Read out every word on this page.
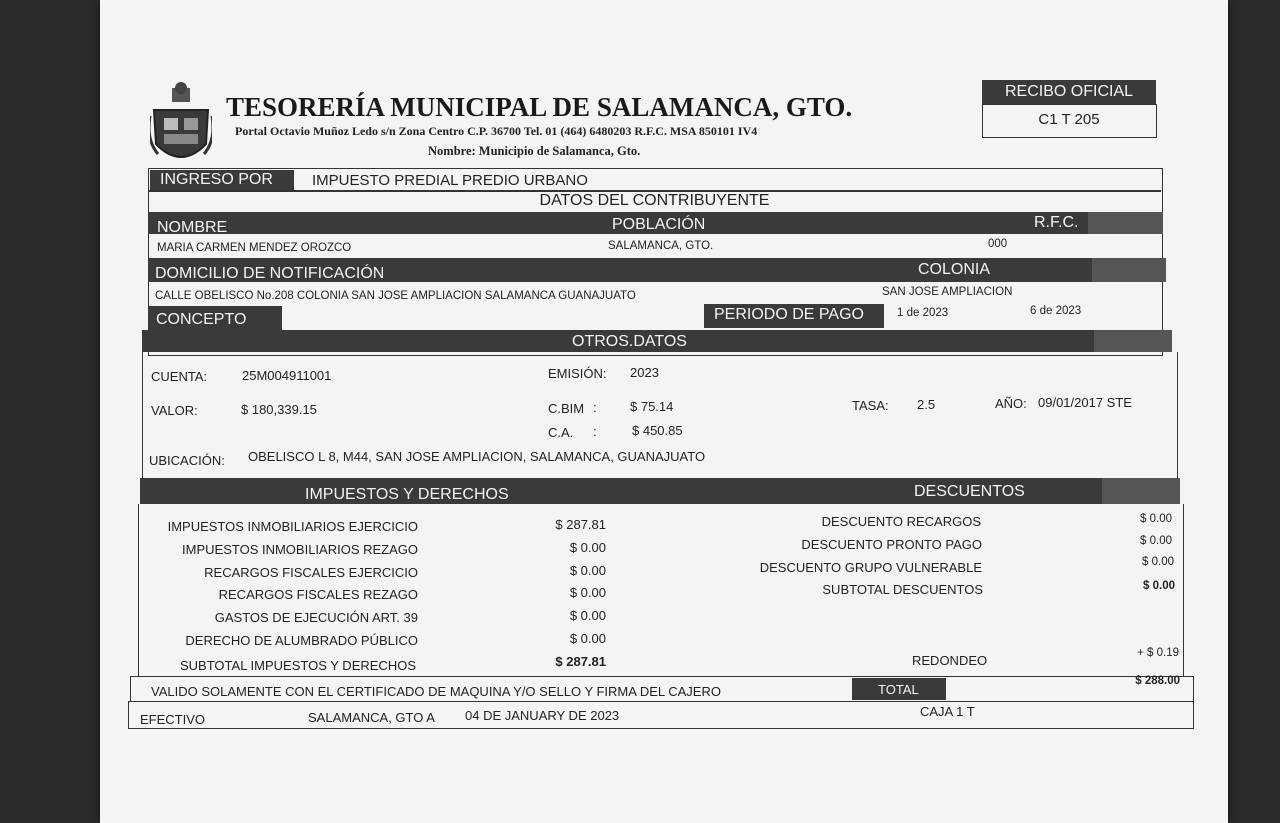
TESORERÍA MUNICIPAL DE SALAMANCA, GTO.
Portal Octavio Muñoz Ledo s/n Zona Centro C.P. 36700 Tel. 01 (464) 6480203 R.F.C. MSA 850101 IV4
Nombre: Municipio de Salamanca, Gto.
RECIBO OFICIAL
C1 T 205
INGRESO POR	IMPUESTO PREDIAL PREDIO URBANO
DATOS DEL CONTRIBUYENTE
NOMBRE	POBLACIÓN	R.F.C.
MARIA CARMEN MENDEZ OROZCO	SALAMANCA, GTO.	000
DOMICILIO DE NOTIFICACIÓN	COLONIA
CALLE OBELISCO No.208 COLONIA SAN JOSE AMPLIACION SALAMANCA GUANAJUATO	SAN JOSE AMPLIACION
CONCEPTO	PERIODO DE PAGO	1 de 2023	6 de 2023
OTROS.DATOS
CUENTA:	25M004911001	EMISIÓN: 2023
VALOR:	$ 180,339.15	C.BIM :	$ 75.14	TASA: 2.5	AÑO: 09/01/2017 STE
C.A. :	$ 450.85
UBICACIÓN: OBELISCO L 8, M44, SAN JOSE AMPLIACION, SALAMANCA, GUANAJUATO
IMPUESTOS Y DERECHOS	DESCUENTOS
IMPUESTOS INMOBILIARIOS EJERCICIO	$ 287.81
IMPUESTOS INMOBILIARIOS REZAGO	$ 0.00
RECARGOS FISCALES EJERCICIO	$ 0.00
RECARGOS FISCALES REZAGO	$ 0.00
GASTOS DE EJECUCIÓN ART. 39	$ 0.00
DERECHO DE ALUMBRADO PÚBLICO	$ 0.00
SUBTOTAL IMPUESTOS Y DERECHOS	$ 287.81
DESCUENTO RECARGOS	$ 0.00
DESCUENTO PRONTO PAGO	$ 0.00
DESCUENTO GRUPO VULNERABLE	$ 0.00
SUBTOTAL DESCUENTOS	$ 0.00
REDONDEO	+ $ 0.19
VALIDO SOLAMENTE CON EL CERTIFICADO DE MAQUINA Y/O SELLO Y FIRMA DEL CAJERO	TOTAL
$ 288.00
EFECTIVO	SALAMANCA, GTO A 04 DE JANUARY DE 2023	CAJA 1 T
